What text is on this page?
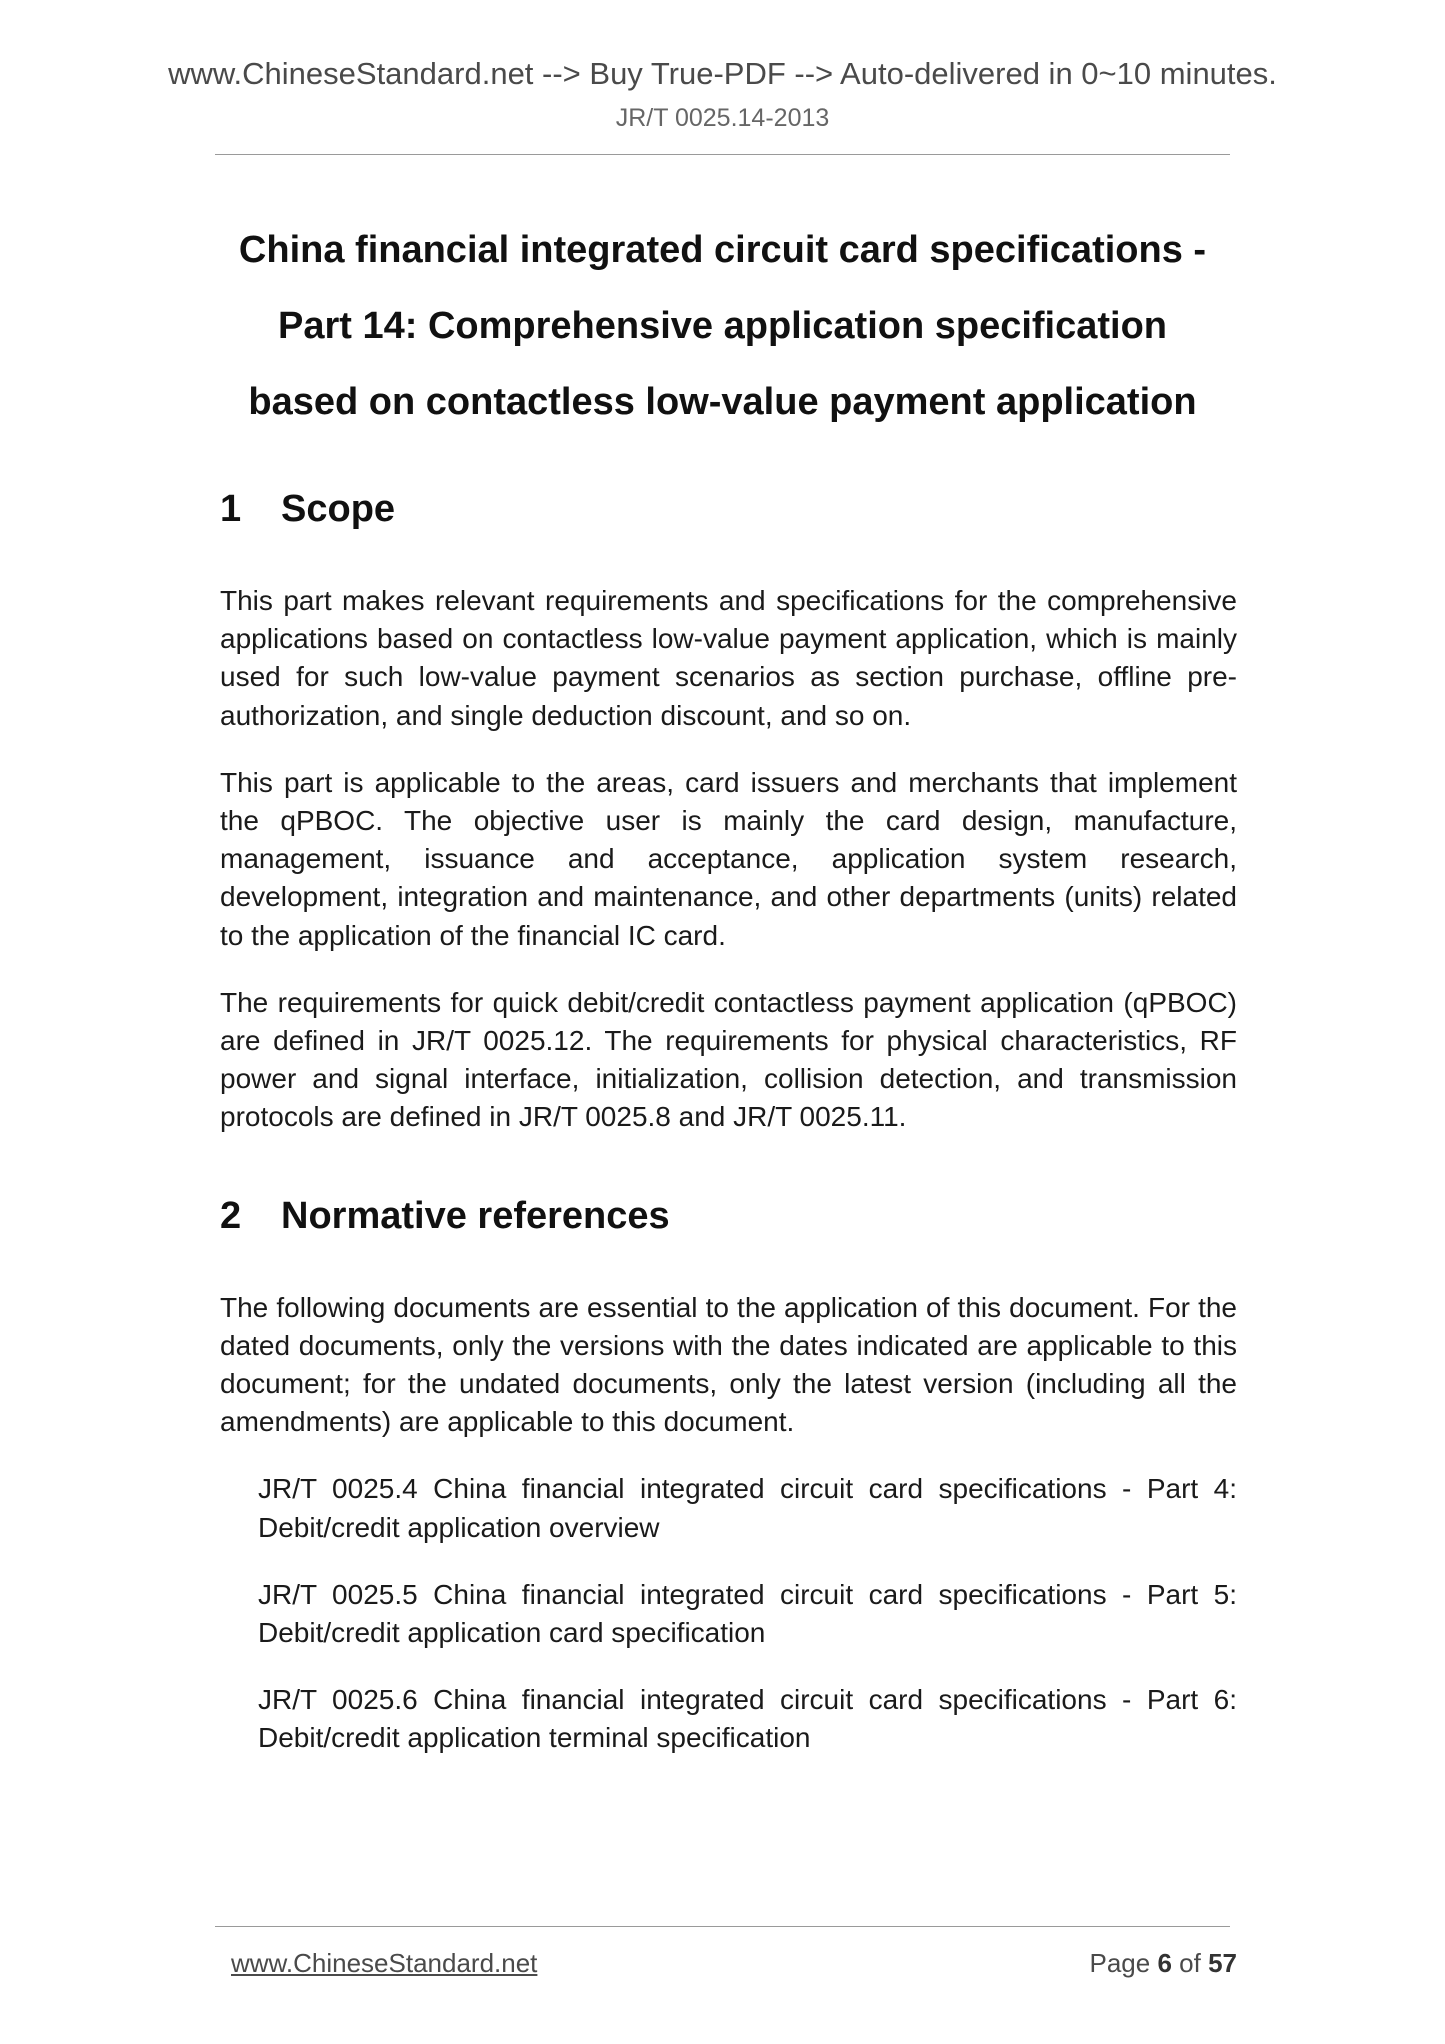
www.ChineseStandard.net --> Buy True-PDF --> Auto-delivered in 0~10 minutes.
JR/T 0025.14-2013
China financial integrated circuit card specifications -
Part 14: Comprehensive application specification
based on contactless low-value payment application
1 Scope

This part makes relevant requirements and specifications for the comprehensive applications based on contactless low-value payment application, which is mainly used for such low-value payment scenarios as section purchase, offline pre-authorization, and single deduction discount, and so on.

This part is applicable to the areas, card issuers and merchants that implement the qPBOC. The objective user is mainly the card design, manufacture, management, issuance and acceptance, application system research, development, integration and maintenance, and other departments (units) related to the application of the financial IC card.

The requirements for quick debit/credit contactless payment application (qPBOC) are defined in JR/T 0025.12. The requirements for physical characteristics, RF power and signal interface, initialization, collision detection, and transmission protocols are defined in JR/T 0025.8 and JR/T 0025.11.

2 Normative references

The following documents are essential to the application of this document. For the dated documents, only the versions with the dates indicated are applicable to this document; for the undated documents, only the latest version (including all the amendments) are applicable to this document.

JR/T 0025.4 China financial integrated circuit card specifications - Part 4: Debit/credit application overview

JR/T 0025.5 China financial integrated circuit card specifications - Part 5: Debit/credit application card specification

JR/T 0025.6 China financial integrated circuit card specifications - Part 6: Debit/credit application terminal specification

www.ChineseStandard.net	Page 6 of 57
